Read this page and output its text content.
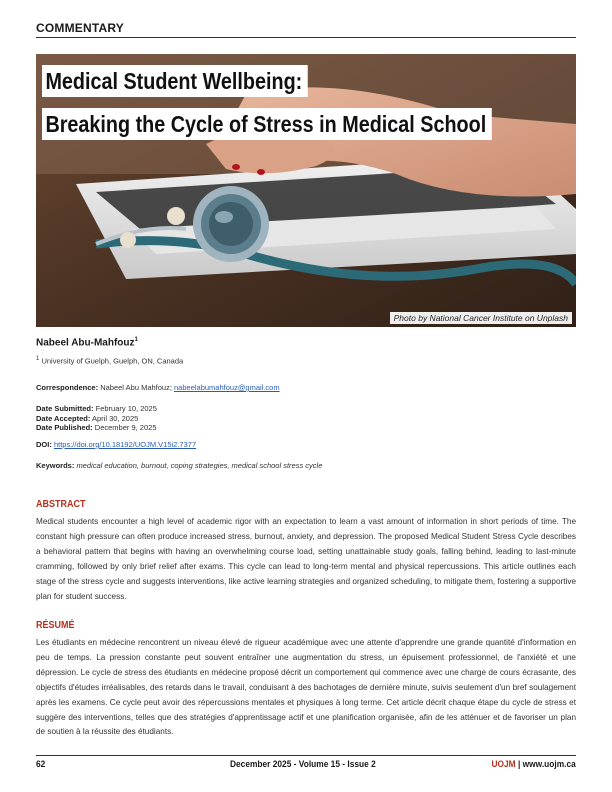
COMMENTARY
Medical Student Wellbeing:
Breaking the Cycle of Stress in Medical School
Photo by National Cancer Institute on Unplash
Nabeel Abu-Mahfouz$^1$
$^1$ University of Guelph, Guelph, ON, Canada
Correspondence: Nabeel Abu Mahfouz; nabeelabumahfouz@gmail.com
Date Submitted: February 10, 2025
Date Accepted: April 30, 2025
Date Published: December 9, 2025
DOI: https://doi.org/10.18192/UOJM.V15i2.7377
Keywords: medical education, burnout, coping strategies, medical school stress cycle
ABSTRACT
Medical students encounter a high level of academic rigor with an expectation to learn a vast amount of information in short periods of time. The constant high pressure can often produce increased stress, burnout, anxiety, and depression. The proposed Medical Student Stress Cycle describes a behavioral pattern that begins with having an overwhelming course load, setting unattainable study goals, falling behind, leading to last-minute cramming, followed by only brief relief after exams. This cycle can lead to long-term mental and physical repercussions. This article outlines each stage of the stress cycle and suggests interventions, like active learning strategies and organized scheduling, to mitigate them, fostering a supportive plan for student success.
RÉSUMÉ
Les étudiants en médecine rencontrent un niveau élevé de rigueur académique avec une attente d'apprendre une grande quantité d'information en peu de temps. La pression constante peut souvent entraîner une augmentation du stress, un épuisement professionnel, de l'anxiété et une dépression. Le cycle de stress des étudiants en médecine proposé décrit un comportement qui commence avec une charge de cours écrasante, des objectifs d'études irréalisables, des retards dans le travail, conduisant à des bachotages de dernière minute, suivis seulement d'un bref soulagement après les examens. Ce cycle peut avoir des répercussions mentales et physiques à long terme. Cet article décrit chaque étape du cycle de stress et suggère des interventions, telles que des stratégies d'apprentissage actif et une planification organisée, afin de les atténuer et de favoriser un plan de soutien à la réussite des étudiants.
62	December 2025 - Volume 15 - Issue 2	UOJM | www.uojm.ca
